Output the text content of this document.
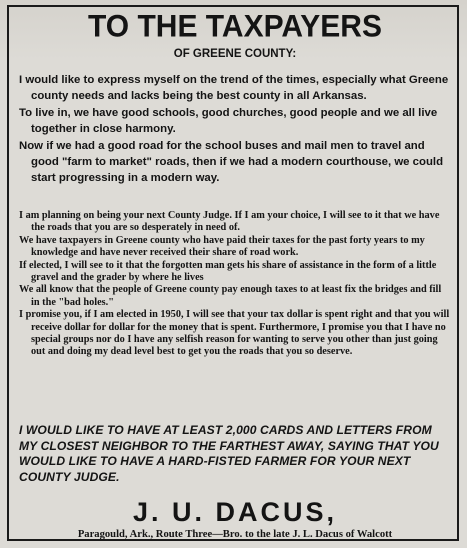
TO THE TAXPAYERS
OF GREENE COUNTY:

I would like to express myself on the trend of the times, especially what Greene county needs and lacks being the best county in all Arkansas.

To live in, we have good schools, good churches, good people and we all live together in close harmony.

Now if we had a good road for the school buses and mail men to travel and good "farm to market" roads, then if we had a modern courthouse, we could start progressing in a modern way.

I am planning on being your next County Judge. If I am your choice, I will see to it that we have the roads that you are so desperately in need of.

We have taxpayers in Greene county who have paid their taxes for the past forty years to my knowledge and have never received their share of road work.

If elected, I will see to it that the forgotten man gets his share of assistance in the form of a little gravel and the grader by where he lives

We all know that the people of Greene county pay enough taxes to at least fix the bridges and fill in the "bad holes."

I promise you, if I am elected in 1950, I will see that your tax dollar is spent right and that you will receive dollar for dollar for the money that is spent. Furthermore, I promise you that I have no special groups nor do I have any selfish reason for wanting to serve you other than just going out and doing my dead level best to get you the roads that you so deserve.

I WOULD LIKE TO HAVE AT LEAST 2,000 CARDS AND LETTERS FROM MY CLOSEST NEIGHBOR TO THE FARTHEST AWAY, SAYING THAT YOU WOULD LIKE TO HAVE A HARD-FISTED FARMER FOR YOUR NEXT COUNTY JUDGE.
J. U. DACUS,
Paragould, Ark., Route Three—Bro. to the late J. L. Dacus of Walcott
